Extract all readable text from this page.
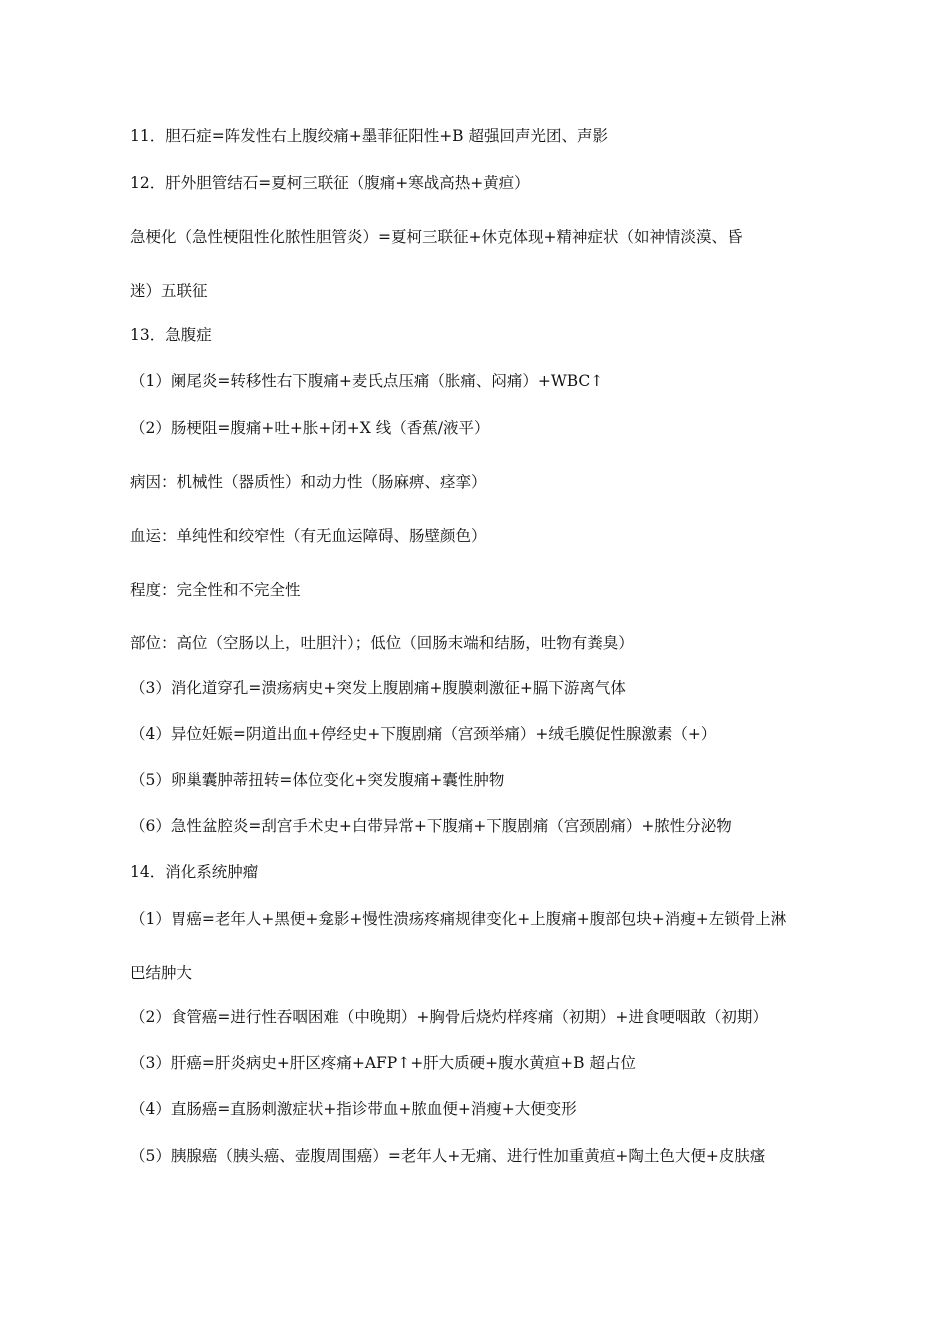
11．胆石症=阵发性右上腹绞痛+墨菲征阳性+B 超强回声光团、声影
12．肝外胆管结石=夏柯三联征（腹痛+寒战高热+黄疸）
急梗化（急性梗阻性化脓性胆管炎）=夏柯三联征+休克体现+精神症状（如神情淡漠、昏
迷）五联征
13．急腹症
（1）阑尾炎=转移性右下腹痛+麦氏点压痛（胀痛、闷痛）+WBC↑
（2）肠梗阻=腹痛+吐+胀+闭+X 线（香蕉/液平）
病因：机械性（器质性）和动力性（肠麻痹、痉挛）
血运：单纯性和绞窄性（有无血运障碍、肠壁颜色）
程度：完全性和不完全性
部位：高位（空肠以上，吐胆汁）；低位（回肠末端和结肠，吐物有粪臭）
（3）消化道穿孔=溃疡病史+突发上腹剧痛+腹膜刺激征+膈下游离气体
（4）异位妊娠=阴道出血+停经史+下腹剧痛（宫颈举痛）+绒毛膜促性腺激素（+）
（5）卵巢囊肿蒂扭转=体位变化+突发腹痛+囊性肿物
（6）急性盆腔炎=刮宫手术史+白带异常+下腹痛+下腹剧痛（宫颈剧痛）+脓性分泌物
14．消化系统肿瘤
（1）胃癌=老年人+黑便+龛影+慢性溃疡疼痛规律变化+上腹痛+腹部包块+消瘦+左锁骨上淋
巴结肿大
（2）食管癌=进行性吞咽困难（中晚期）+胸骨后烧灼样疼痛（初期）+进食哽咽敢（初期）
（3）肝癌=肝炎病史+肝区疼痛+AFP↑+肝大质硬+腹水黄疸+B 超占位
（4）直肠癌=直肠刺激症状+指诊带血+脓血便+消瘦+大便变形
（5）胰腺癌（胰头癌、壶腹周围癌）=老年人+无痛、进行性加重黄疸+陶土色大便+皮肤瘙
